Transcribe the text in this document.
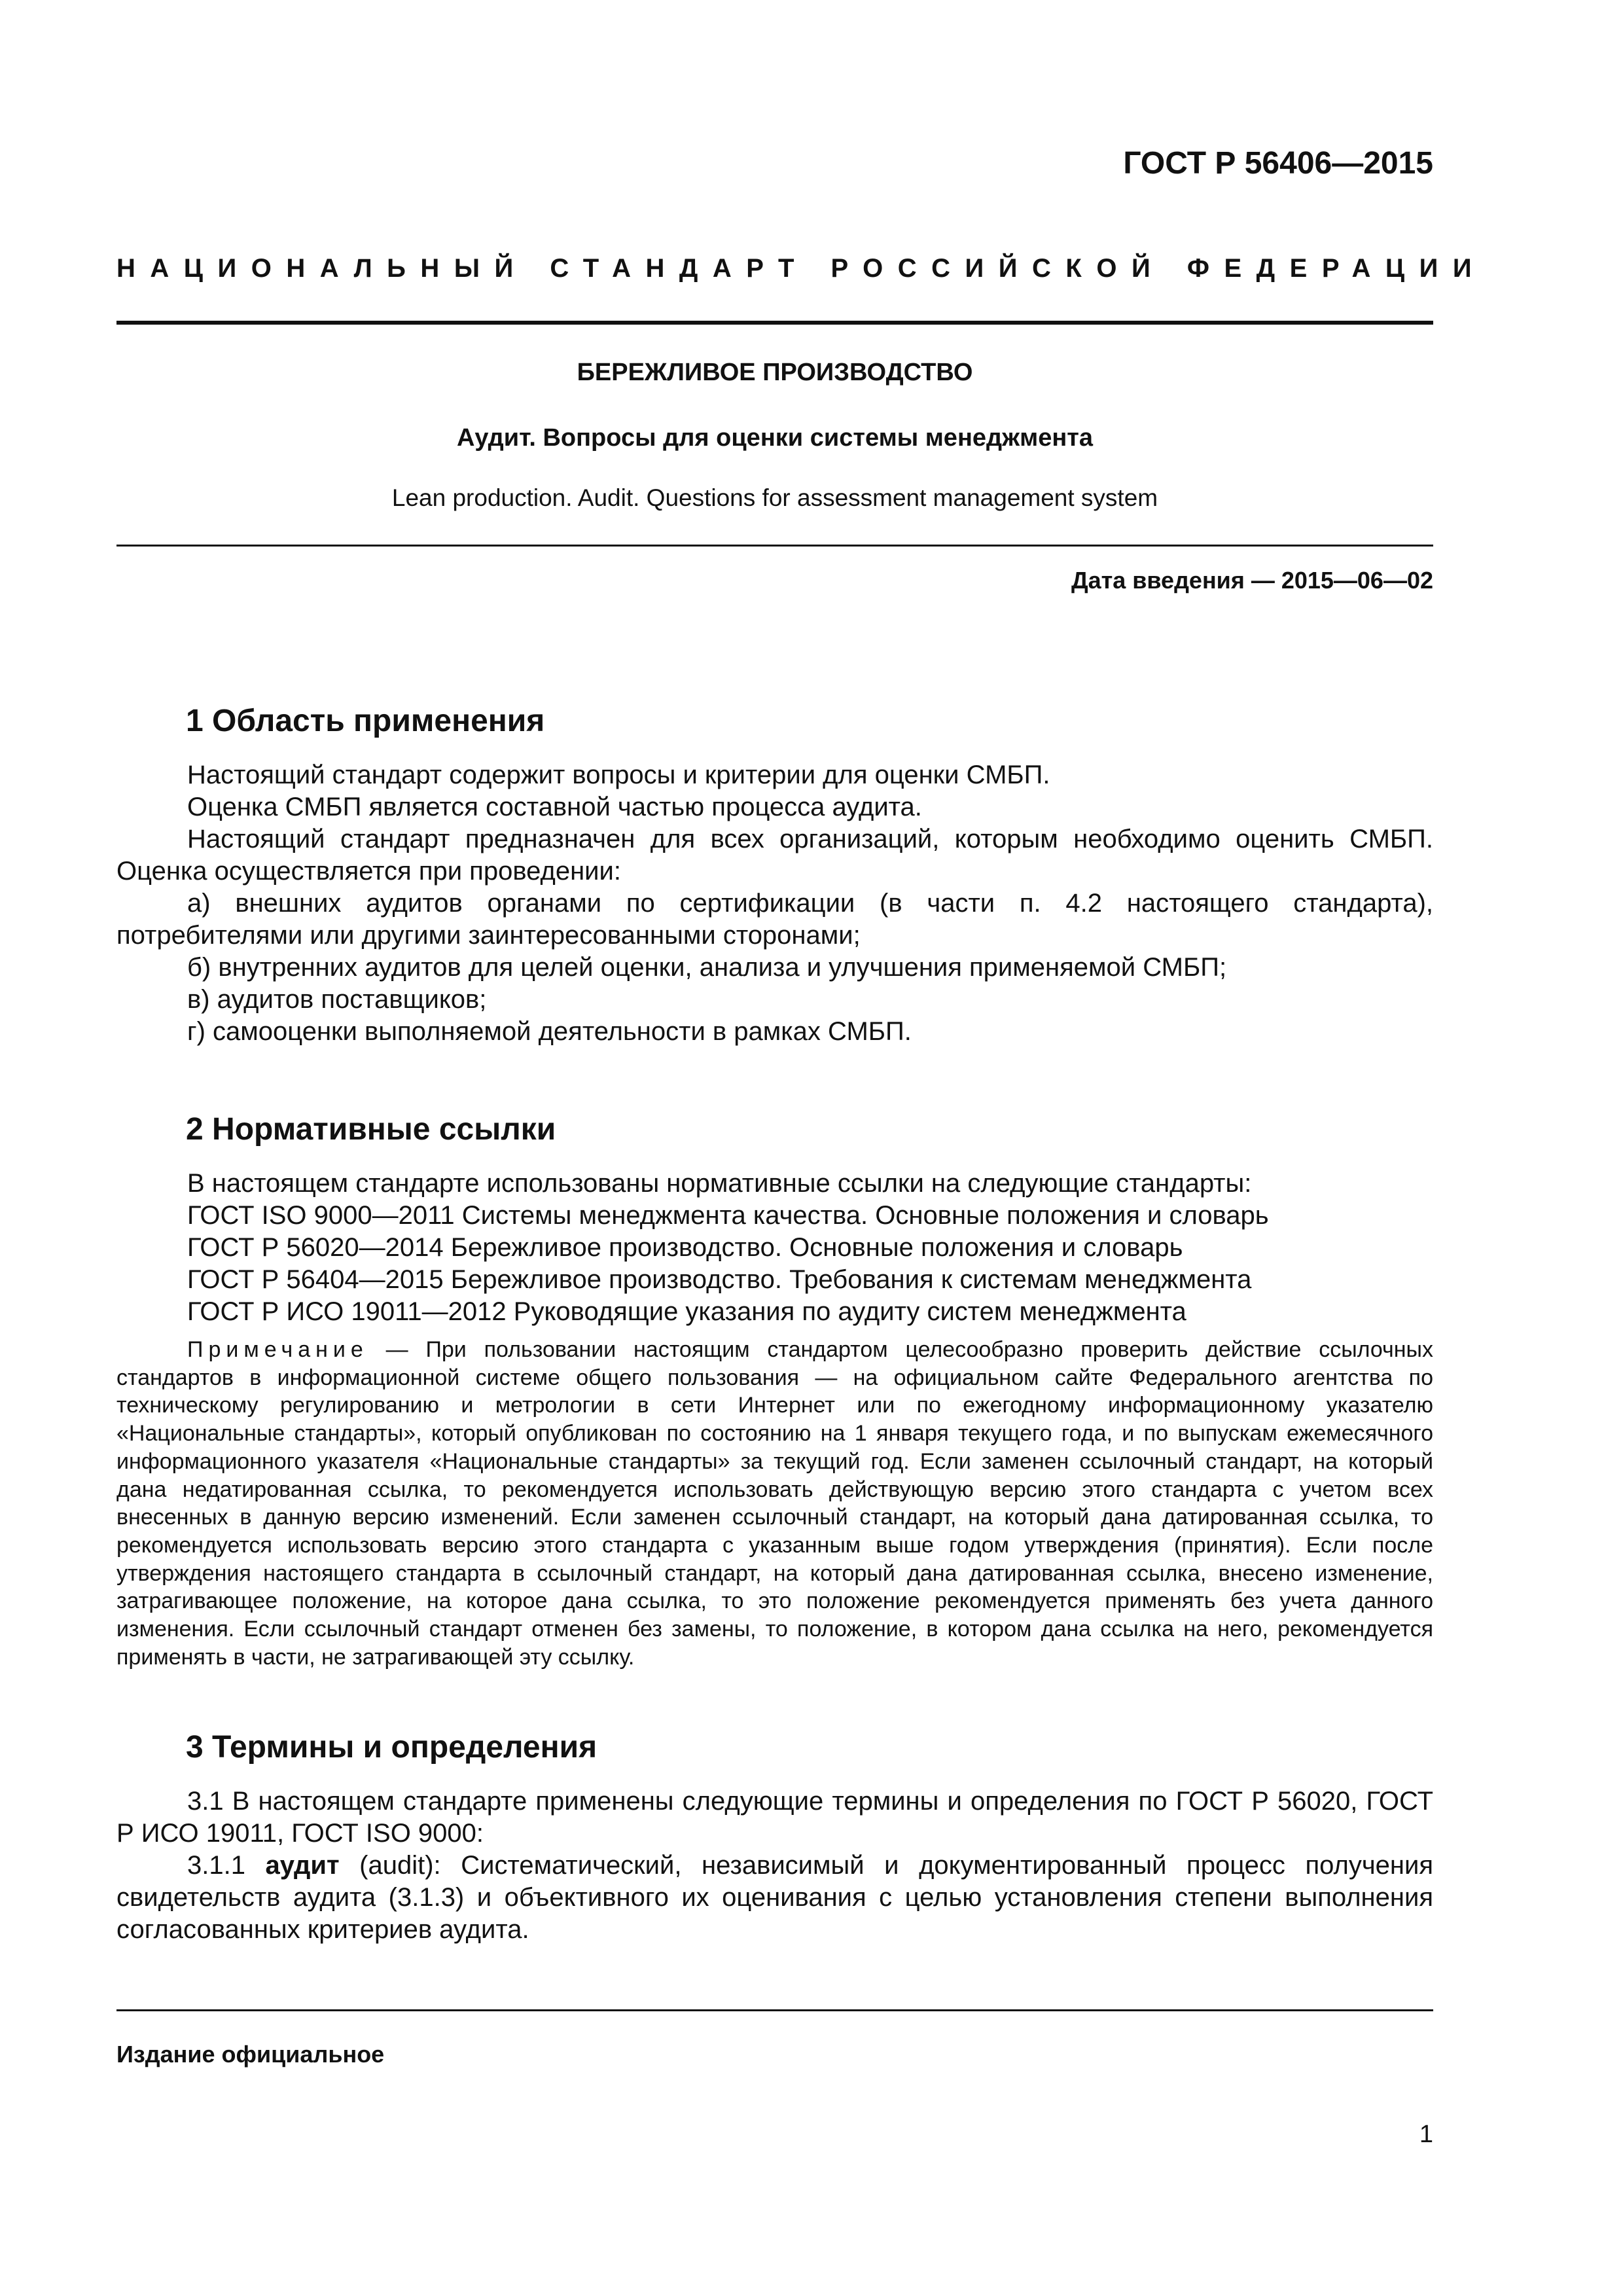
ГОСТ Р 56406—2015
НАЦИОНАЛЬНЫЙ СТАНДАРТ РОССИЙСКОЙ ФЕДЕРАЦИИ
БЕРЕЖЛИВОЕ ПРОИЗВОДСТВО
Аудит. Вопросы для оценки системы менеджмента
Lean production. Audit. Questions for assessment management system
Дата введения — 2015—06—02
1 Область применения

Настоящий стандарт содержит вопросы и критерии для оценки СМБП.

Оценка СМБП является составной частью процесса аудита.

Настоящий стандарт предназначен для всех организаций, которым необходимо оценить СМБП. Оценка осуществляется при проведении:

а) внешних аудитов органами по сертификации (в части п. 4.2 настоящего стандарта), потребителями или другими заинтересованными сторонами;

б) внутренних аудитов для целей оценки, анализа и улучшения применяемой СМБП;

в) аудитов поставщиков;

г) самооценки выполняемой деятельности в рамках СМБП.

2 Нормативные ссылки

В настоящем стандарте использованы нормативные ссылки на следующие стандарты:

ГОСТ ISO 9000—2011 Системы менеджмента качества. Основные положения и словарь

ГОСТ Р 56020—2014 Бережливое производство. Основные положения и словарь

ГОСТ Р 56404—2015 Бережливое производство. Требования к системам менеджмента

ГОСТ Р ИСО 19011—2012 Руководящие указания по аудиту систем менеджмента

Примечание — При пользовании настоящим стандартом целесообразно проверить действие ссылочных стандартов в информационной системе общего пользования — на официальном сайте Федерального агентства по техническому регулированию и метрологии в сети Интернет или по ежегодному информационному указателю «Национальные стандарты», который опубликован по состоянию на 1 января текущего года, и по выпускам ежемесячного информационного указателя «Национальные стандарты» за текущий год. Если заменен ссылочный стандарт, на который дана недатированная ссылка, то рекомендуется использовать действующую версию этого стандарта с учетом всех внесенных в данную версию изменений. Если заменен ссылочный стандарт, на который дана датированная ссылка, то рекомендуется использовать версию этого стандарта с указанным выше годом утверждения (принятия). Если после утверждения настоящего стандарта в ссылочный стандарт, на который дана датированная ссылка, внесено изменение, затрагивающее положение, на которое дана ссылка, то это положение рекомендуется применять без учета данного изменения. Если ссылочный стандарт отменен без замены, то положение, в котором дана ссылка на него, рекомендуется применять в части, не затрагивающей эту ссылку.

3 Термины и определения

3.1 В настоящем стандарте применены следующие термины и определения по ГОСТ Р 56020, ГОСТ Р ИСО 19011, ГОСТ ISO 9000:

3.1.1 аудит (audit): Систематический, независимый и документированный процесс получения свидетельств аудита (3.1.3) и объективного их оценивания с целью установления степени выполнения согласованных критериев аудита.

Издание официальное
1
